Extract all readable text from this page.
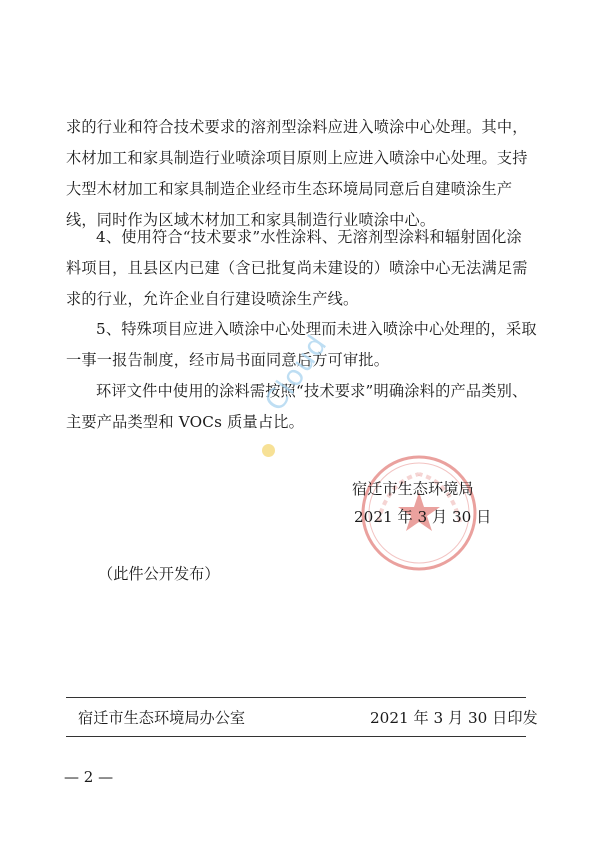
求的行业和符合技术要求的溶剂型涂料应进入喷涂中心处理。其中，
木材加工和家具制造行业喷涂项目原则上应进入喷涂中心处理。支持
大型木材加工和家具制造企业经市生态环境局同意后自建喷涂生产
线，同时作为区域木材加工和家具制造行业喷涂中心。
4、使用符合“技术要求”水性涂料、无溶剂型涂料和辐射固化涂
料项目，且县区内已建（含已批复尚未建设的）喷涂中心无法满足需
求的行业，允许企业自行建设喷涂生产线。
5、特殊项目应进入喷涂中心处理而未进入喷涂中心处理的，采取
一事一报告制度，经市局书面同意后方可审批。
环评文件中使用的涂料需按照“技术要求”明确涂料的产品类别、
主要产品类型和 VOCs 质量占比。
Cloud
宿迁市生态环境局
2021 年 3 月 30 日
（此件公开发布）
宿迁市生态环境局办公室	2021 年 3 月 30 日印发
— 2 —
